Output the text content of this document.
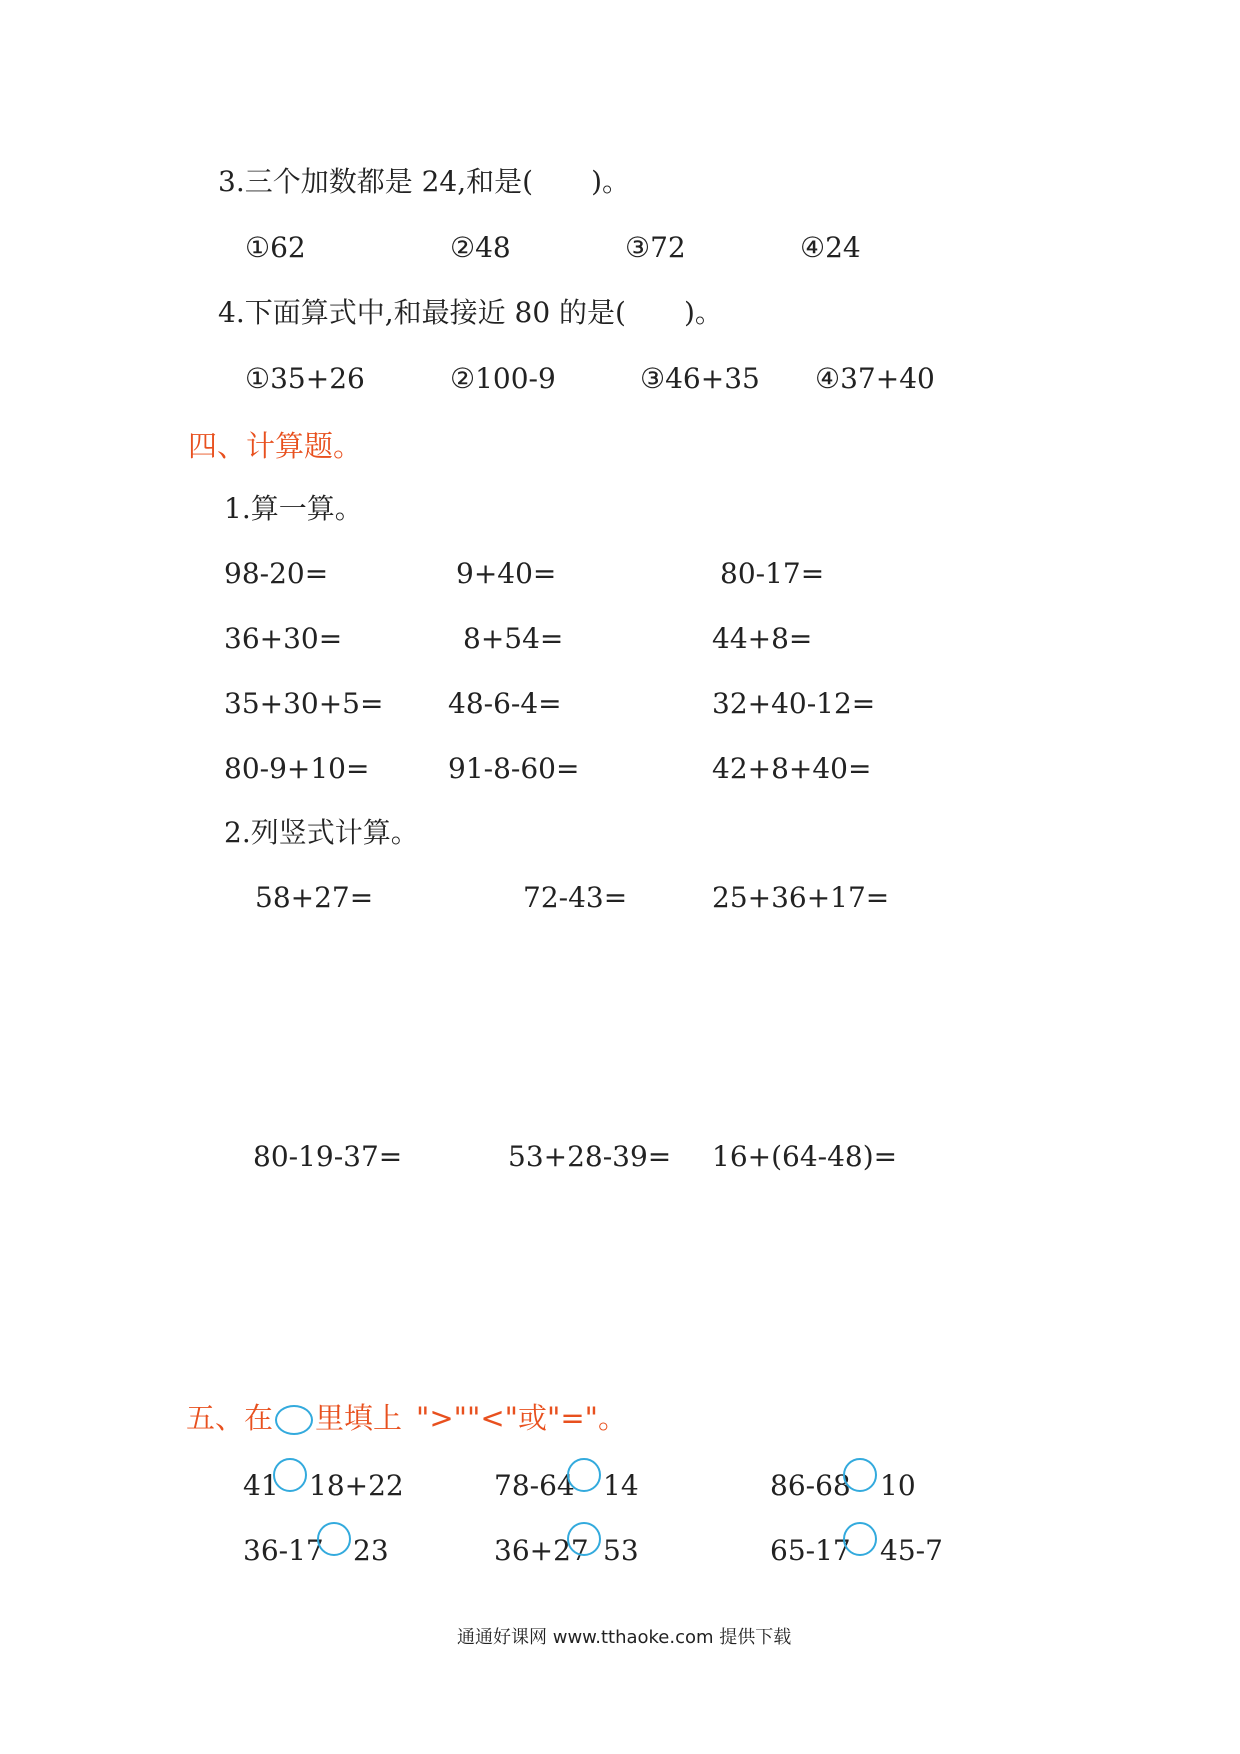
3.三个加数都是 24,和是( )。
①62	②48	③72	④24
4.下面算式中,和最接近 80 的是( )。
①35+26	②100-9	③46+35 ④37+40
四、计算题。
1.算一算。
98-20=	9+40=	80-17=
36+30=	8+54=	44+8=
35+30+5= 48-6-4=	32+40-12=
80-9+10=	91-8-60=	42+8+40=
2.列竖式计算。
58+27=	72-43=	25+36+17=
80-19-37=	53+28-39= 16+(64-48)=
五、在 里填上 ">""<"或"="。
41 18+22	78-64 14	86-68 10
36-17 23	36+27 53	65-17 45-7
通通好课网 www.tthaoke.com 提供下载
